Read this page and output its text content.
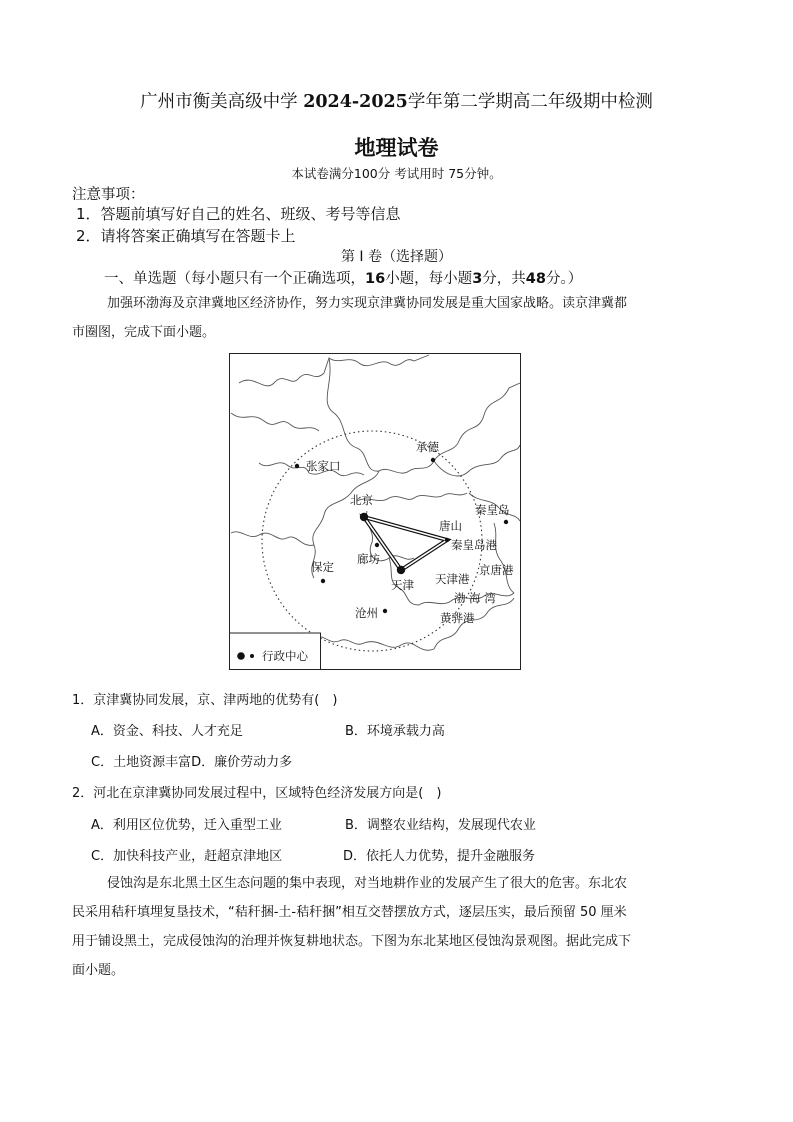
广州市衡美高级中学 2024-2025学年第二学期高二年级期中检测
地理试卷
本试卷满分100分 考试用时 75分钟。
注意事项：
1．答题前填写好自己的姓名、班级、考号等信息
2．请将答案正确填写在答题卡上
第 I 卷（选择题）
一、单选题（每小题只有一个正确选项，16小题，每小题3分，共48分。）
加强环渤海及京津冀地区经济协作，努力实现京津冀协同发展是重大国家战略。读京津冀都
市圈图，完成下面小题。
承德
张家口
北京
秦皇岛
唐山
秦皇岛港
廊坊
保定
天津 天津港
京唐港
渤 海 湾
沧州	黄骅港
行政中心
1．京津冀协同发展，京、津两地的优势有(　)
A．资金、科技、人才充足	B．环境承载力高
C．土地资源丰富D．廉价劳动力多
2．河北在京津冀协同发展过程中，区域特色经济发展方向是(　)
A．利用区位优势，迁入重型工业	B．调整农业结构，发展现代农业
C．加快科技产业，赶超京津地区	D．依托人力优势，提升金融服务
侵蚀沟是东北黑土区生态问题的集中表现，对当地耕作业的发展产生了很大的危害。东北农
民采用秸秆填埋复垦技术，“秸秆捆-土-秸秆捆”相互交替摆放方式，逐层压实，最后预留 50 厘米
用于铺设黑土，完成侵蚀沟的治理并恢复耕地状态。下图为东北某地区侵蚀沟景观图。据此完成下
面小题。
